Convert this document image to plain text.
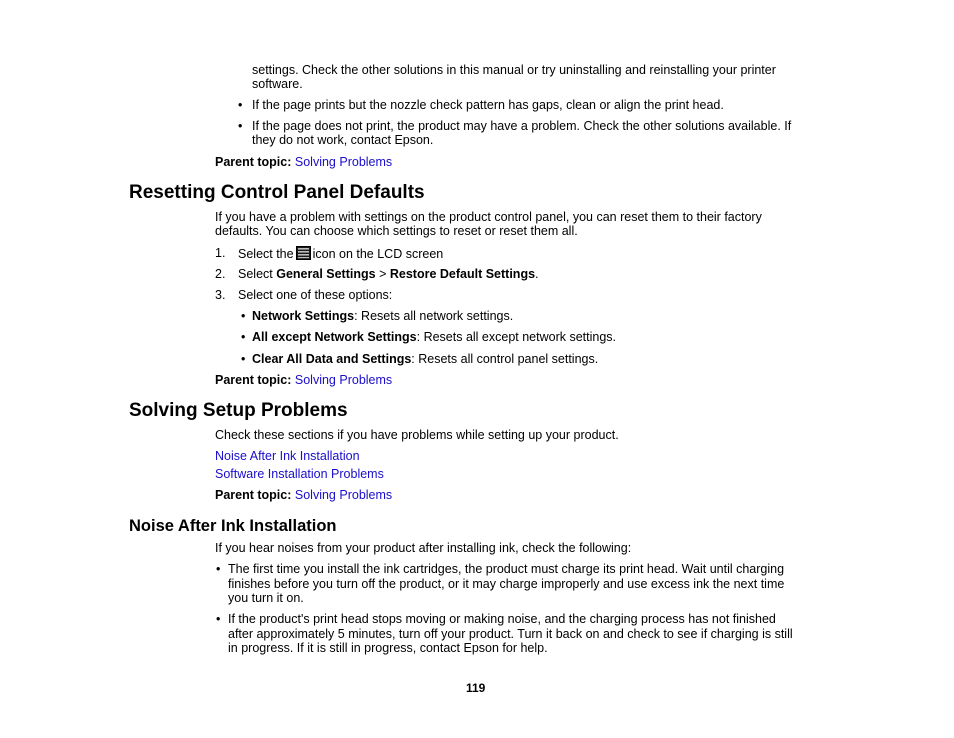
settings. Check the other solutions in this manual or try uninstalling and reinstalling your printer
software.
• If the page prints but the nozzle check pattern has gaps, clean or align the print head.
• If the page does not print, the product may have a problem. Check the other solutions available. If
they do not work, contact Epson.
Parent topic: Solving Problems
Resetting Control Panel Defaults
If you have a problem with settings on the product control panel, you can reset them to their factory
defaults. You can choose which settings to reset or reset them all.
1. Select the icon on the LCD screen
2. Select General Settings > Restore Default Settings.
3. Select one of these options:
• Network Settings: Resets all network settings.
• All except Network Settings: Resets all except network settings.
• Clear All Data and Settings: Resets all control panel settings.
Parent topic: Solving Problems
Solving Setup Problems
Check these sections if you have problems while setting up your product.
Noise After Ink Installation
Software Installation Problems
Parent topic: Solving Problems
Noise After Ink Installation
If you hear noises from your product after installing ink, check the following:
• The first time you install the ink cartridges, the product must charge its print head. Wait until charging
finishes before you turn off the product, or it may charge improperly and use excess ink the next time
you turn it on.
• If the product's print head stops moving or making noise, and the charging process has not finished
after approximately 5 minutes, turn off your product. Turn it back on and check to see if charging is still
in progress. If it is still in progress, contact Epson for help.
119
